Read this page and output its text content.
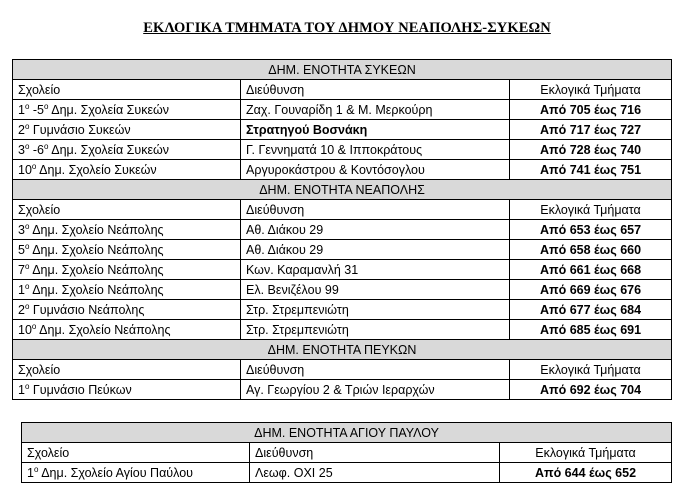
ΕΚΛΟΓΙΚΑ ΤΜΗΜΑΤΑ ΤΟΥ ΔΗΜΟΥ ΝΕΑΠΟΛΗΣ-ΣΥΚΕΩΝ
ΔΗΜ. ΕΝΟΤΗΤΑ ΣΥΚΕΩΝ		
Σχολείο	Διεύθυνση	Εκλογικά Τμήματα
$1^o$ $-5^o$ Δημ. Σχολεία Συκεών	Ζαχ. Γουναρίδη 1 & Μ. Μερκούρη	Από 705 έως 716
$2^o$ Γυμνάσιο Συκεών	Στρατηγού Βοσνάκη	Από 717 έως 727
$3^o$ $-6^o$ Δημ. Σχολεία Συκεών	Γ. Γεννηματά 10 & Ιπποκράτους	Από 728 έως 740
$10^o$ Δημ. Σχολείο Συκεών	Αργυροκάστρου & Κοντόσογλου	Από 741 έως 751
ΔΗΜ. ΕΝΟΤΗΤΑ ΝΕΑΠΟΛΗΣ		
Σχολείο	Διεύθυνση	Εκλογικά Τμήματα
$3^o$ Δημ. Σχολείο Νεάπολης	Αθ. Διάκου 29	Από 653 έως 657
$5^o$ Δημ. Σχολείο Νεάπολης	Αθ. Διάκου 29	Από 658 έως 660
$7^o$ Δημ. Σχολείο Νεάπολης	Κων. Καραμανλή 31	Από 661 έως 668
$1^o$ Δημ. Σχολείο Νεάπολης	Ελ. Βενιζέλου 99	Από 669 έως 676
$2^o$ Γυμνάσιο Νεάπολης	Στρ. Στρεμπενιώτη	Από 677 έως 684
$10^o$ Δημ. Σχολείο Νεάπολης	Στρ. Στρεμπενιώτη	Από 685 έως 691
ΔΗΜ. ΕΝΟΤΗΤΑ ΠΕΥΚΩΝ		
Σχολείο	Διεύθυνση	Εκλογικά Τμήματα
$1^o$ Γυμνάσιο Πεύκων	Αγ. Γεωργίου 2 & Τριών Ιεραρχών	Από 692 έως 704
ΔΗΜ. ΕΝΟΤΗΤΑ ΑΓΙΟΥ ΠΑΥΛΟΥ		
Σχολείο	Διεύθυνση	Εκλογικά Τμήματα
$1^o$ Δημ. Σχολείο Αγίου Παύλου	Λεωφ. ΟΧΙ 25	Από 644 έως 652
